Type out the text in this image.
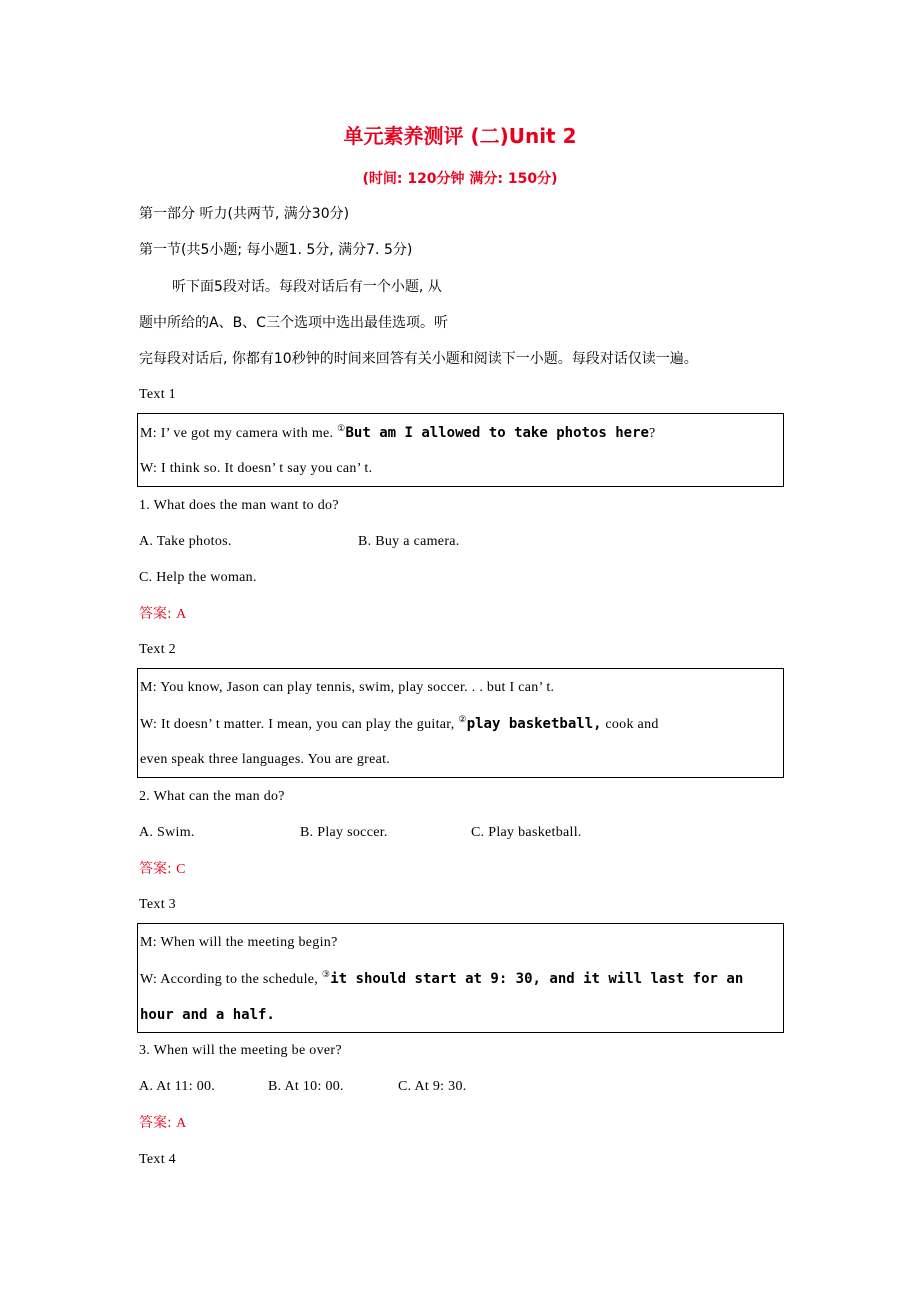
单元素养测评 (二)Unit 2
(时间: 120分钟 满分: 150分)
第一部分 听力(共两节, 满分30分)
第一节(共5小题; 每小题1. 5分, 满分7. 5分)
听下面5段对话。每段对话后有一个小题, 从
题中所给的A、B、C三个选项中选出最佳选项。听
完每段对话后, 你都有10秒钟的时间来回答有关小题和阅读下一小题。每段对话仅读一遍。
Text 1
M: I’ ve got my camera with me. ①But am I allowed to take photos here?
W: I think so. It doesn’ t say you can’ t.
1. What does the man want to do?
A. Take photos.	B. Buy a camera.
C. Help the woman.
答案: A
Text 2
M: You know, Jason can play tennis, swim, play soccer. . . but I can’ t.
W: It doesn’ t matter. I mean, you can play the guitar, ②play basketball, cook and
even speak three languages. You are great.
2. What can the man do?
A. Swim.	B. Play soccer.	C. Play basketball.
答案: C
Text 3
M: When will the meeting begin?
W: According to the schedule, ③it should start at 9: 30, and it will last for an
hour and a half.
3. When will the meeting be over?
A. At 11: 00.	B. At 10: 00.	C. At 9: 30.
答案: A
Text 4
